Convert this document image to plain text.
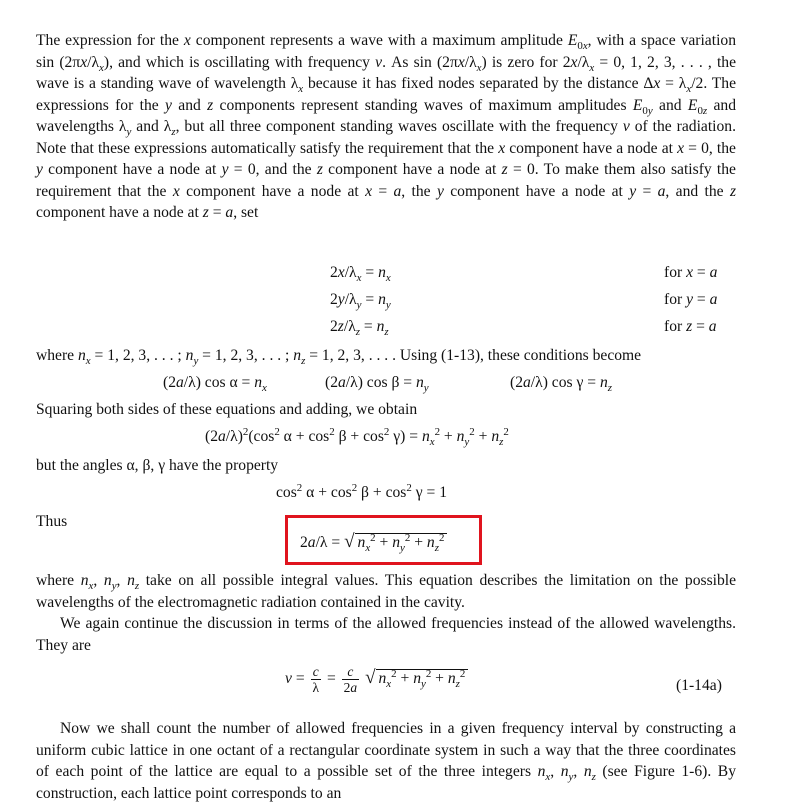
The expression for the x component represents a wave with a maximum amplitude $E_{0x}$, with a space variation $\sin (2\pi x/\lambda_x)$, and which is oscillating with frequency ν. As $\sin (2\pi x/\lambda_x)$ is zero for $2x/\lambda_x = 0$, 1, 2, 3, . . . , the wave is a standing wave of wavelength $\lambda_x$ because it has fixed nodes separated by the distance $\Delta x = \lambda_x/2$. The expressions for the y and z components represent standing waves of maximum amplitudes $E_{0y}$ and $E_{0z}$ and wavelengths $\lambda_y$ and $\lambda_z$, but all three component standing waves oscillate with the frequency ν of the radiation. Note that these expressions automatically satisfy the requirement that the x component have a node at x = 0, the y component have a node at y = 0, and the z component have a node at z = 0. To make them also satisfy the requirement that the x component have a node at x = a, the y component have a node at y = a, and the z component have a node at z = a, set
$2x/\lambda_x = n_x$
$2y/\lambda_y = n_y$
$2z/\lambda_z = n_z$
for x = a
for y = a
for z = a
where $n_x = 1$, 2, 3, . . . ; $n_y = 1$, 2, 3, . . . ; $n_z = 1$, 2, 3, . . . . Using (1-13), these conditions become
(2a/λ) $\cos \alpha = n_x$	(2a/λ) $\cos \beta = n_y$	(2a/λ) $\cos \gamma = n_z$
Squaring both sides of these equations and adding, we obtain
$(2a/\lambda)^2(\cos^2$ $\alpha + \cos^2 \beta + \cos^2 \gamma) = n_x^2 + n_y^2 + n_z^2$
but the angles α, β, γ have the property
$\cos^2 \alpha + \cos^2 \beta + \cos^2 \gamma = 1$
Thus
2a/λ = √ $n_x^2 + n_y^2 + n_z^2$
where $n_x$, $n_y$, $n_z$ take on all possible integral values. This equation describes the limitation on the possible wavelengths of the electromagnetic radiation contained in the cavity.
We again continue the discussion in terms of the allowed frequencies instead of the allowed wavelengths. They are
$\nu = \frac{c}{\lambda} = \frac{c}{2a}$ √ $n_x^2 + n_y^2 + n_z^2$
(1-14a)
Now we shall count the number of allowed frequencies in a given frequency interval by constructing a uniform cubic lattice in one octant of a rectangular coordinate system in such a way that the three coordinates of each point of the lattice are equal to a possible set of the three integers $n_x$, $n_y$, $n_z$ (see Figure 1-6). By construction, each lattice point corresponds to an
